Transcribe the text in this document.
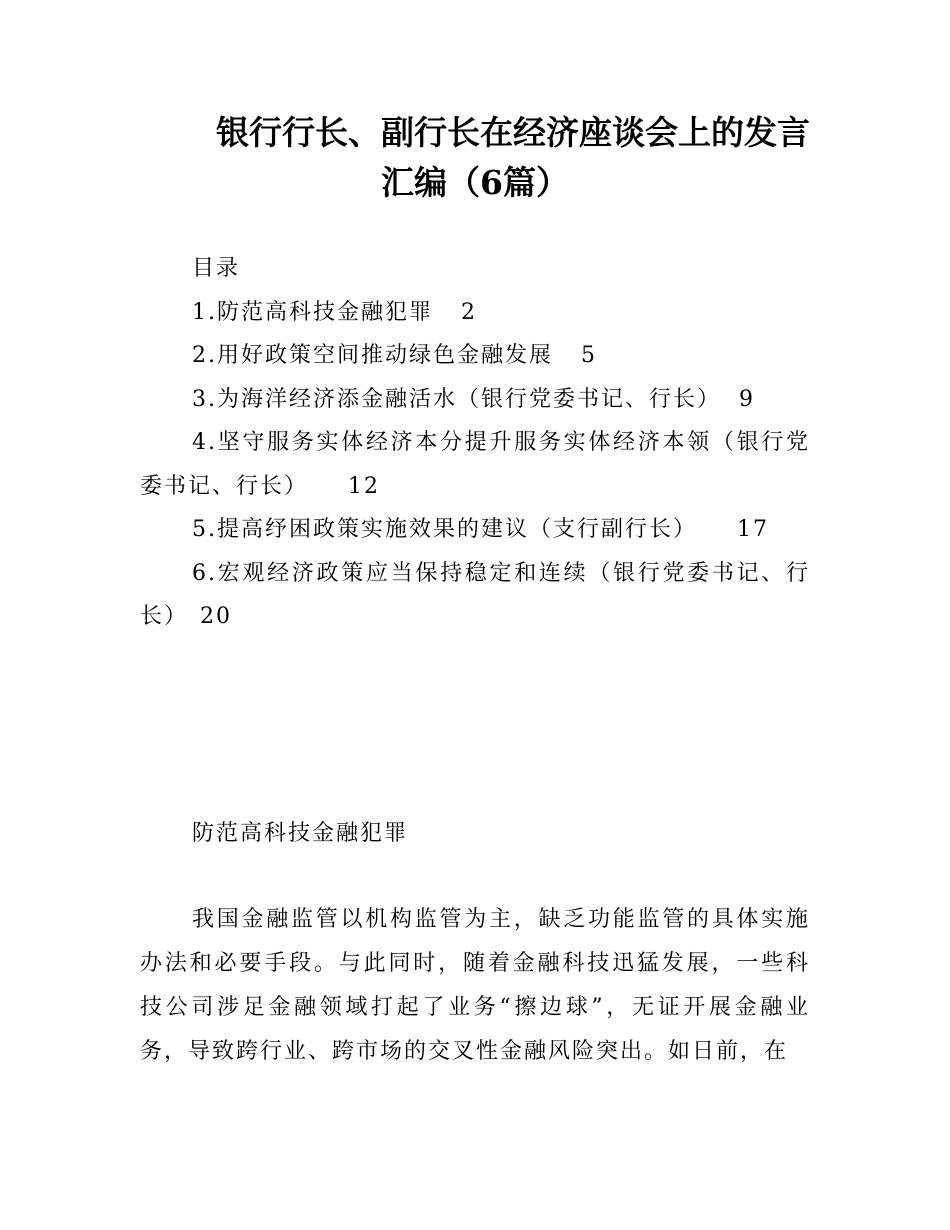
银行行长、副行长在经济座谈会上的发言
汇编（6篇）

目录

1.防范高科技金融犯罪 2

2.用好政策空间推动绿色金融发展 5

3.为海洋经济添金融活水（银行党委书记、行长） 9

4.坚守服务实体经济本分提升服务实体经济本领（银行党委书记、行长） 12

5.提高纾困政策实施效果的建议（支行副行长） 17

6.宏观经济政策应当保持稳定和连续（银行党委书记、行长） 20

防范高科技金融犯罪

我国金融监管以机构监管为主，缺乏功能监管的具体实施办法和必要手段。与此同时，随着金融科技迅猛发展，一些科技公司涉足金融领域打起了业务“擦边球”，无证开展金融业务，导致跨行业、跨市场的交叉性金融风险突出。如日前，在
